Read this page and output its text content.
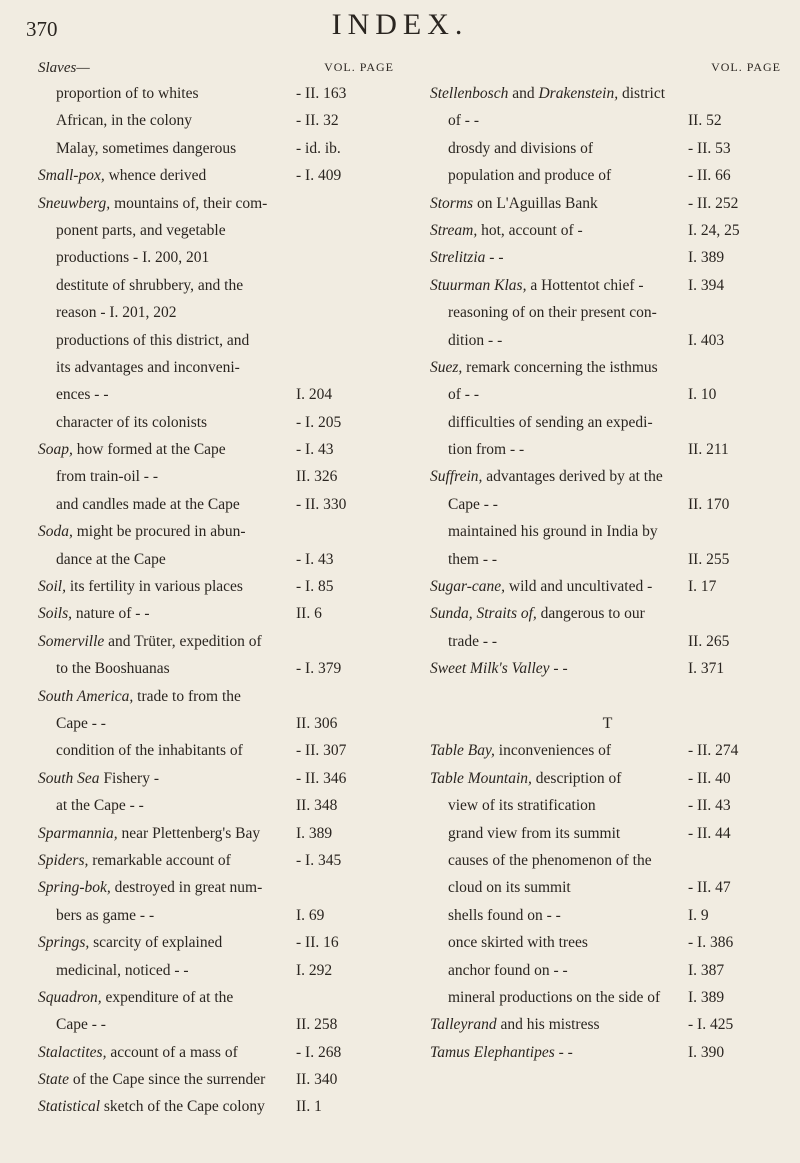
370	INDEX.
Slaves—	VOL. PAGE
proportion of to whites	- II. 163
African, in the colony	- II. 32
Malay, sometimes dangerous	- id. ib.
Small-pox, whence derived	- I. 409
Sneuwberg, mountains of, their com-
ponent parts, and vegetable
productions - I. 200, 201
destitute of shrubbery, and the
reason - I. 201, 202
productions of this district, and
its advantages and inconveni-
ences - -	I. 204
character of its colonists	- I. 205
Soap, how formed at the Cape	- I. 43
from train-oil - -	II. 326
and candles made at the Cape	- II. 330
Soda, might be procured in abun-
dance at the Cape	- I. 43
Soil, its fertility in various places	- I. 85
Soils, nature of - -	II. 6
Somerville and Trüter, expedition of
to the Booshuanas	- I. 379
South America, trade to from the
Cape - -	II. 306
condition of the inhabitants of	- II. 307
South Sea Fishery -	- II. 346
at the Cape - -	II. 348
Sparmannia, near Plettenberg's Bay I. 389
Spiders, remarkable account of	- I. 345
Spring-bok, destroyed in great num-
bers as game - -	I. 69
Springs, scarcity of explained	- II. 16
medicinal, noticed - -	I. 292
Squadron, expenditure of at the
Cape - -	II. 258
Stalactites, account of a mass of	- I. 268
State of the Cape since the surrender II. 340
Statistical sketch of the Cape colony II. 1
VOL. PAGE
Stellenbosch and Drakenstein, district
of - -	II. 52
drosdy and divisions of	- II. 53
population and produce of	- II. 66
Storms on L'Aguillas Bank	- II. 252
Stream, hot, account of -	I. 24, 25
Strelitzia - -	I. 389
Stuurman Klas, a Hottentot chief -	I. 394
reasoning of on their present con-
dition - -	I. 403
Suez, remark concerning the isthmus
of - -	I. 10
difficulties of sending an expedi-
tion from - -	II. 211
Suffrein, advantages derived by at the
Cape - -	II. 170
maintained his ground in India by
them - -	II. 255
Sugar-cane, wild and uncultivated - I. 17
Sunda, Straits of, dangerous to our
trade - -	II. 265
Sweet Milk's Valley - -	I. 371
T
Table Bay, inconveniences of	- II. 274
Table Mountain, description of	- II. 40
view of its stratification	- II. 43
grand view from its summit	- II. 44
causes of the phenomenon of the
cloud on its summit	- II. 47
shells found on - -	I. 9
once skirted with trees	- I. 386
anchor found on - -	I. 387
mineral productions on the side of I. 389
Talleyrand and his mistress	- I. 425
Tamus Elephantipes - -	I. 390
